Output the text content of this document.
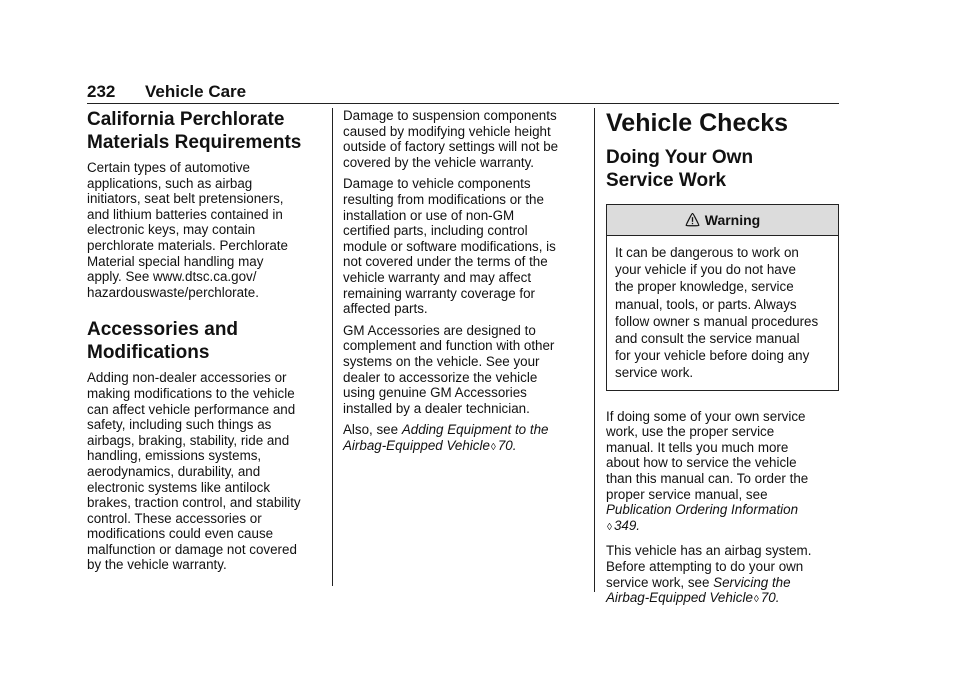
232 Vehicle Care
California Perchlorate
Materials Requirements

Certain types of automotive
applications, such as airbag
initiators, seat belt pretensioners,
and lithium batteries contained in
electronic keys, may contain
perchlorate materials. Perchlorate
Material special handling may
apply. See www.dtsc.ca.gov/
hazardouswaste/perchlorate.

Accessories and
Modifications

Adding non-dealer accessories or
making modifications to the vehicle
can affect vehicle performance and
safety, including such things as
airbags, braking, stability, ride and
handling, emissions systems,
aerodynamics, durability, and
electronic systems like antilock
brakes, traction control, and stability
control. These accessories or
modifications could even cause
malfunction or damage not covered
by the vehicle warranty.

Damage to suspension components
caused by modifying vehicle height
outside of factory settings will not be
covered by the vehicle warranty.

Damage to vehicle components
resulting from modifications or the
installation or use of non-GM
certified parts, including control
module or software modifications, is
not covered under the terms of the
vehicle warranty and may affect
remaining warranty coverage for
affected parts.

GM Accessories are designed to
complement and function with other
systems on the vehicle. See your
dealer to accessorize the vehicle
using genuine GM Accessories
installed by a dealer technician.

Also, see Adding Equipment to the
Airbag-Equipped Vehicle◊ 70.

Vehicle Checks
Doing Your Own
Service Work
Warning
It can be dangerous to work on
your vehicle if you do not have
the proper knowledge, service
manual, tools, or parts. Always
follow owner s manual procedures
and consult the service manual
for your vehicle before doing any
service work.

If doing some of your own service
work, use the proper service
manual. It tells you much more
about how to service the vehicle
than this manual can. To order the
proper service manual, see
Publication Ordering Information
◊ 349.

This vehicle has an airbag system.
Before attempting to do your own
service work, see Servicing the
Airbag-Equipped Vehicle◊ 70.
